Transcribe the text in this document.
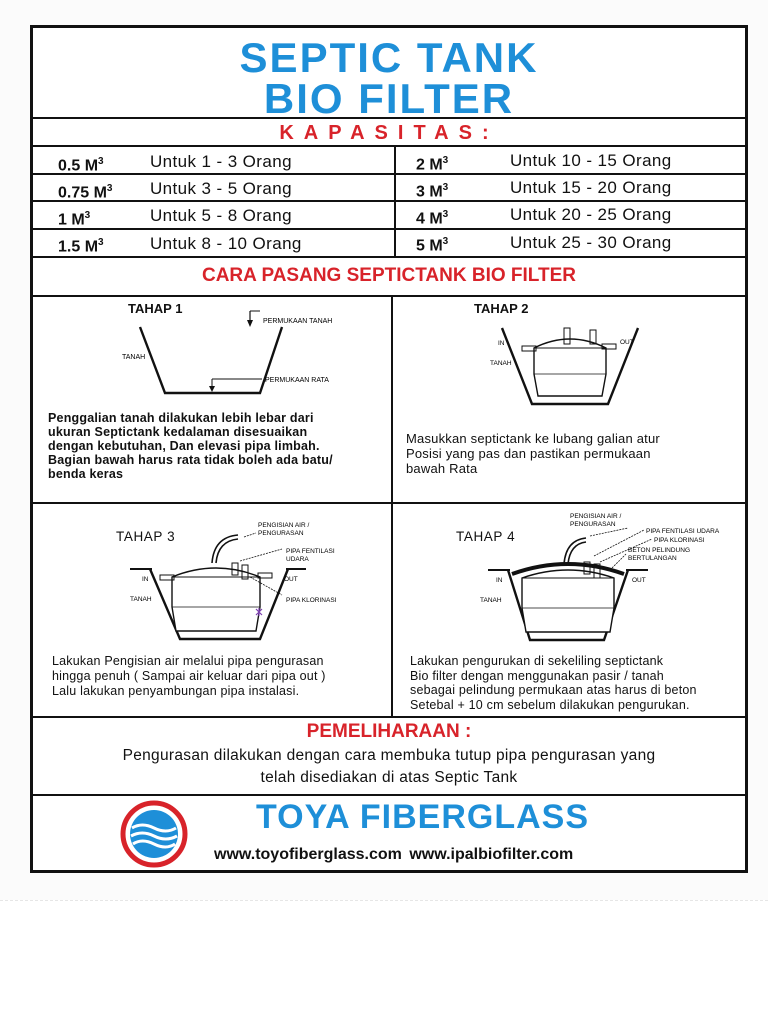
SEPTIC TANK
BIO FILTER
KAPASITAS:
0.5 $M^3$	Untuk 1 - 3 Orang	2 $M^3$	Untuk 10 - 15 Orang
0.75 $M^3$ Untuk 3 - 5 Orang	3 $M^3$	Untuk 15 - 20 Orang
1 $M^3$	Untuk 5 - 8 Orang	4 $M^3$	Untuk 20 - 25 Orang
1.5 $M^3$	Untuk 8 - 10 Orang	5 $M^3$	Untuk 25 - 30 Orang
CARA PASANG SEPTICTANK BIO FILTER
TAHAP 1
PERMUKAAN TANAH
TANAH
PERMUKAAN RATA

Penggalian tanah dilakukan lebih lebar dari

ukuran Septictank kedalaman disesuaikan

dengan kebutuhan, Dan elevasi pipa limbah.

Bagian bawah harus rata tidak boleh ada batu/

benda keras

TAHAP 2
IN	OUT
TANAH

Masukkan septictank ke lubang galian atur

Posisi yang pas dan pastikan permukaan

bawah Rata

TAHAP 3
PENGISIAN AIR /
PENGURASAN
PIPA FENTILASI
UDARA
IN	OUT
TANAH	PIPA KLORINASI

Lakukan Pengisian air melalui pipa pengurasan

hingga penuh ( Sampai air keluar dari pipa out )

Lalu lakukan penyambungan pipa instalasi.

TAHAP 4
PENGISIAN AIR /
PENGURASAN
PIPA FENTILASI UDARA
PIPA KLORINASI
BETON PELINDUNG
BERTULANGAN
IN	OUT
TANAH

Lakukan pengurukan di sekeliling septictank

Bio filter dengan menggunakan pasir / tanah

sebagai pelindung permukaan atas harus di beton

Setebal + 10 cm sebelum dilakukan pengurukan.

PEMELIHARAAN :

Pengurasan dilakukan dengan cara membuka tutup pipa pengurasan yang

telah disediakan di atas Septic Tank

TOYA FIBERGLASS
www.toyofiberglass.com www.ipalbiofilter.com
